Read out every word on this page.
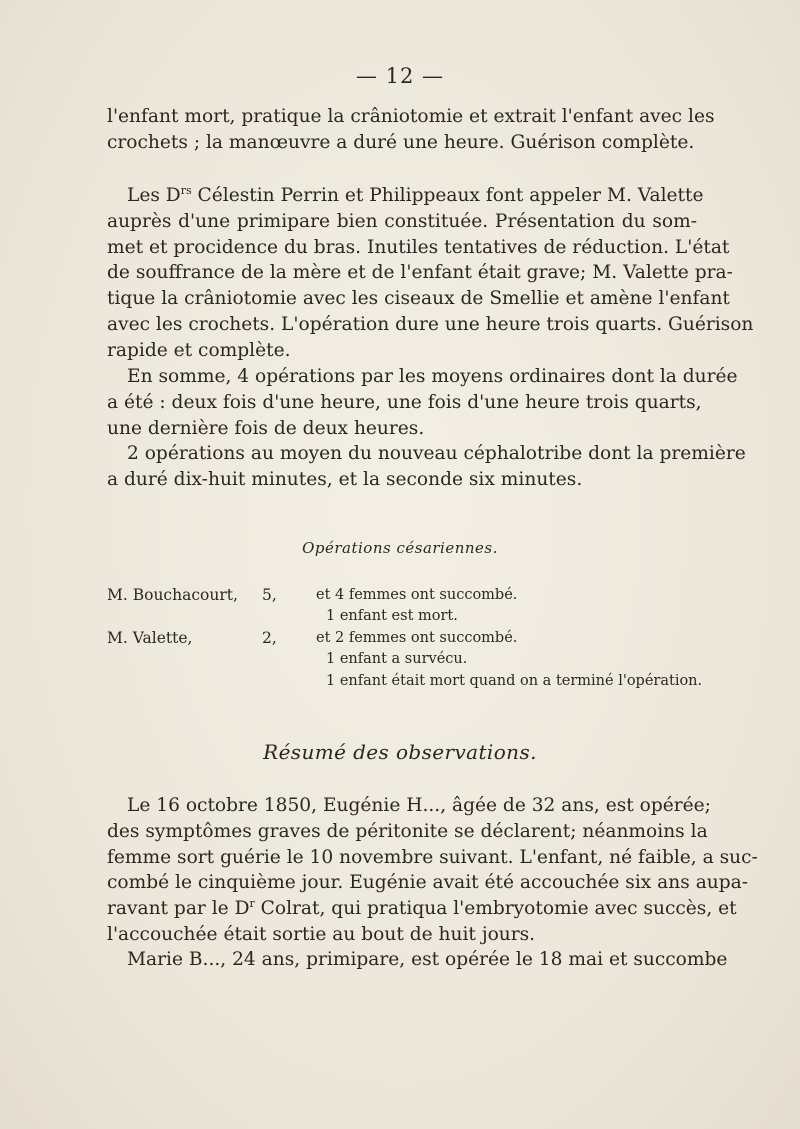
— 12 —
l'enfant mort, pratique la crâniotomie et extrait l'enfant avec les
crochets ; la manœuvre a duré une heure. Guérison complète.
Les $D^{rs}$ Célestin Perrin et Philippeaux font appeler M. Valette
auprès d'une primipare bien constituée. Présentation du som-
met et procidence du bras. Inutiles tentatives de réduction. L'état
de souffrance de la mère et de l'enfant était grave; M. Valette pra-
tique la crâniotomie avec les ciseaux de Smellie et amène l'enfant
avec les crochets. L'opération dure une heure trois quarts. Guérison
rapide et complète.
En somme, 4 opérations par les moyens ordinaires dont la durée
a été : deux fois d'une heure, une fois d'une heure trois quarts,
une dernière fois de deux heures.
2 opérations au moyen du nouveau céphalotribe dont la première
a duré dix-huit minutes, et la seconde six minutes.
Opérations césariennes.
M. Bouchacourt, 5,	et 4 femmes ont succombé.
1 enfant est mort.
M. Valette,	2,	et 2 femmes ont succombé.
1 enfant a survécu.
1 enfant était mort quand on a terminé l'opération.
Résumé des observations.
Le 16 octobre 1850, Eugénie H..., âgée de 32 ans, est opérée;
des symptômes graves de péritonite se déclarent; néanmoins la
femme sort guérie le 10 novembre suivant. L'enfant, né faible, a suc-
combé le cinquième jour. Eugénie avait été accouchée six ans aupa-
ravant par le $D^r$ Colrat, qui pratiqua l'embryotomie avec succès, et
l'accouchée était sortie au bout de huit jours.
Marie B..., 24 ans, primipare, est opérée le 18 mai et succombe
